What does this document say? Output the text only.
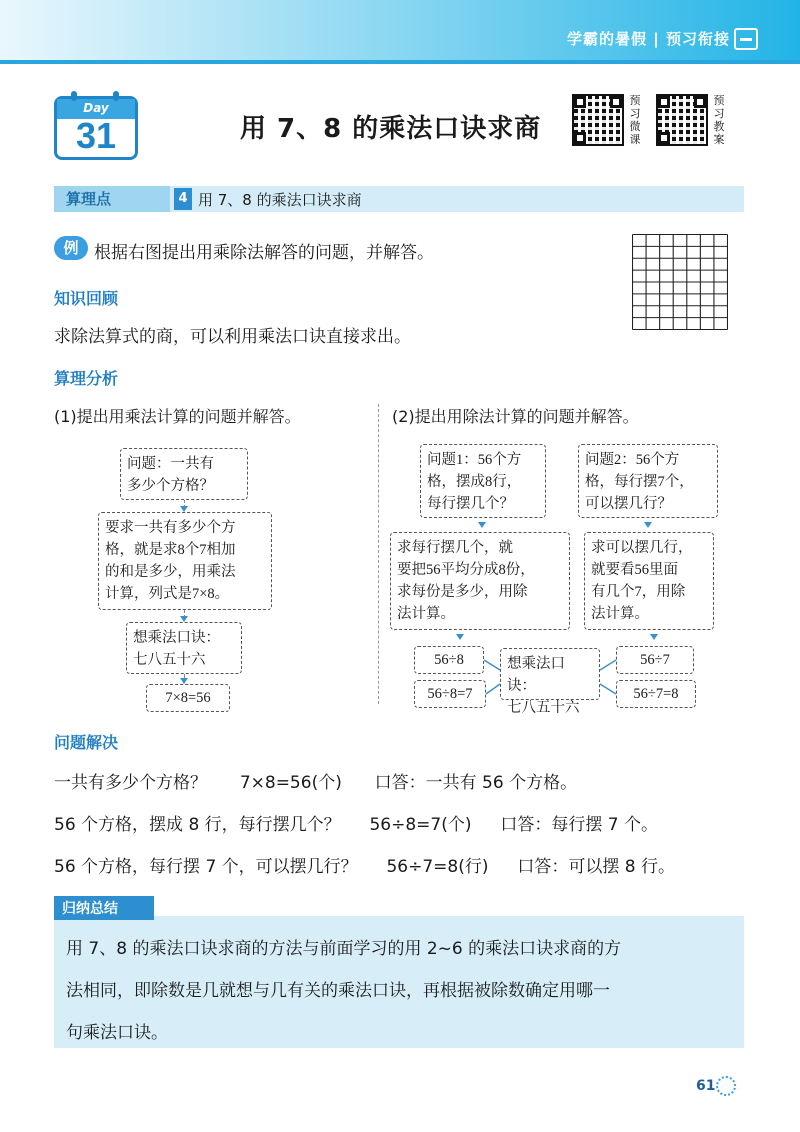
学霸的暑假 | 预习衔接
Day
31	用 7、8 的乘法口诀求商
预习微课
预习教案
算理点	4 用 7、8 的乘法口诀求商
例 根据右图提出用乘除法解答的问题，并解答。
知识回顾
求除法算式的商，可以利用乘法口诀直接求出。
算理分析
(1)提出用乘法计算的问题并解答。	(2)提出用除法计算的问题并解答。
问题：一共有
多少个方格？
要求一共有多少个方
格，就是求8个7相加
的和是多少，用乘法
计算，列式是7×8。
想乘法口诀：
七八五十六
7×8=56
问题1：56个方
格，摆成8行，
每行摆几个？
问题2：56个方
格，每行摆7个，
可以摆几行？
求每行摆几个，就
要把56平均分成8份，
求每份是多少，用除
法计算。
求可以摆几行，
就要看56里面
有几个7，用除
法计算。
56÷8
56÷8=7
想乘法口诀：
七八五十六
56÷7
56÷7=8
问题解决
一共有多少个方格？ 7×8=56(个) 口答：一共有 56 个方格。
56 个方格，摆成 8 行，每行摆几个？ 56÷8=7(个) 口答：每行摆 7 个。
56 个方格，每行摆 7 个，可以摆几行？ 56÷7=8(行) 口答：可以摆 8 行。
归纳总结
用 7、8 的乘法口诀求商的方法与前面学习的用 2~6 的乘法口诀求商的方
法相同，即除数是几就想与几有关的乘法口诀，再根据被除数确定用哪一
句乘法口诀。
61
